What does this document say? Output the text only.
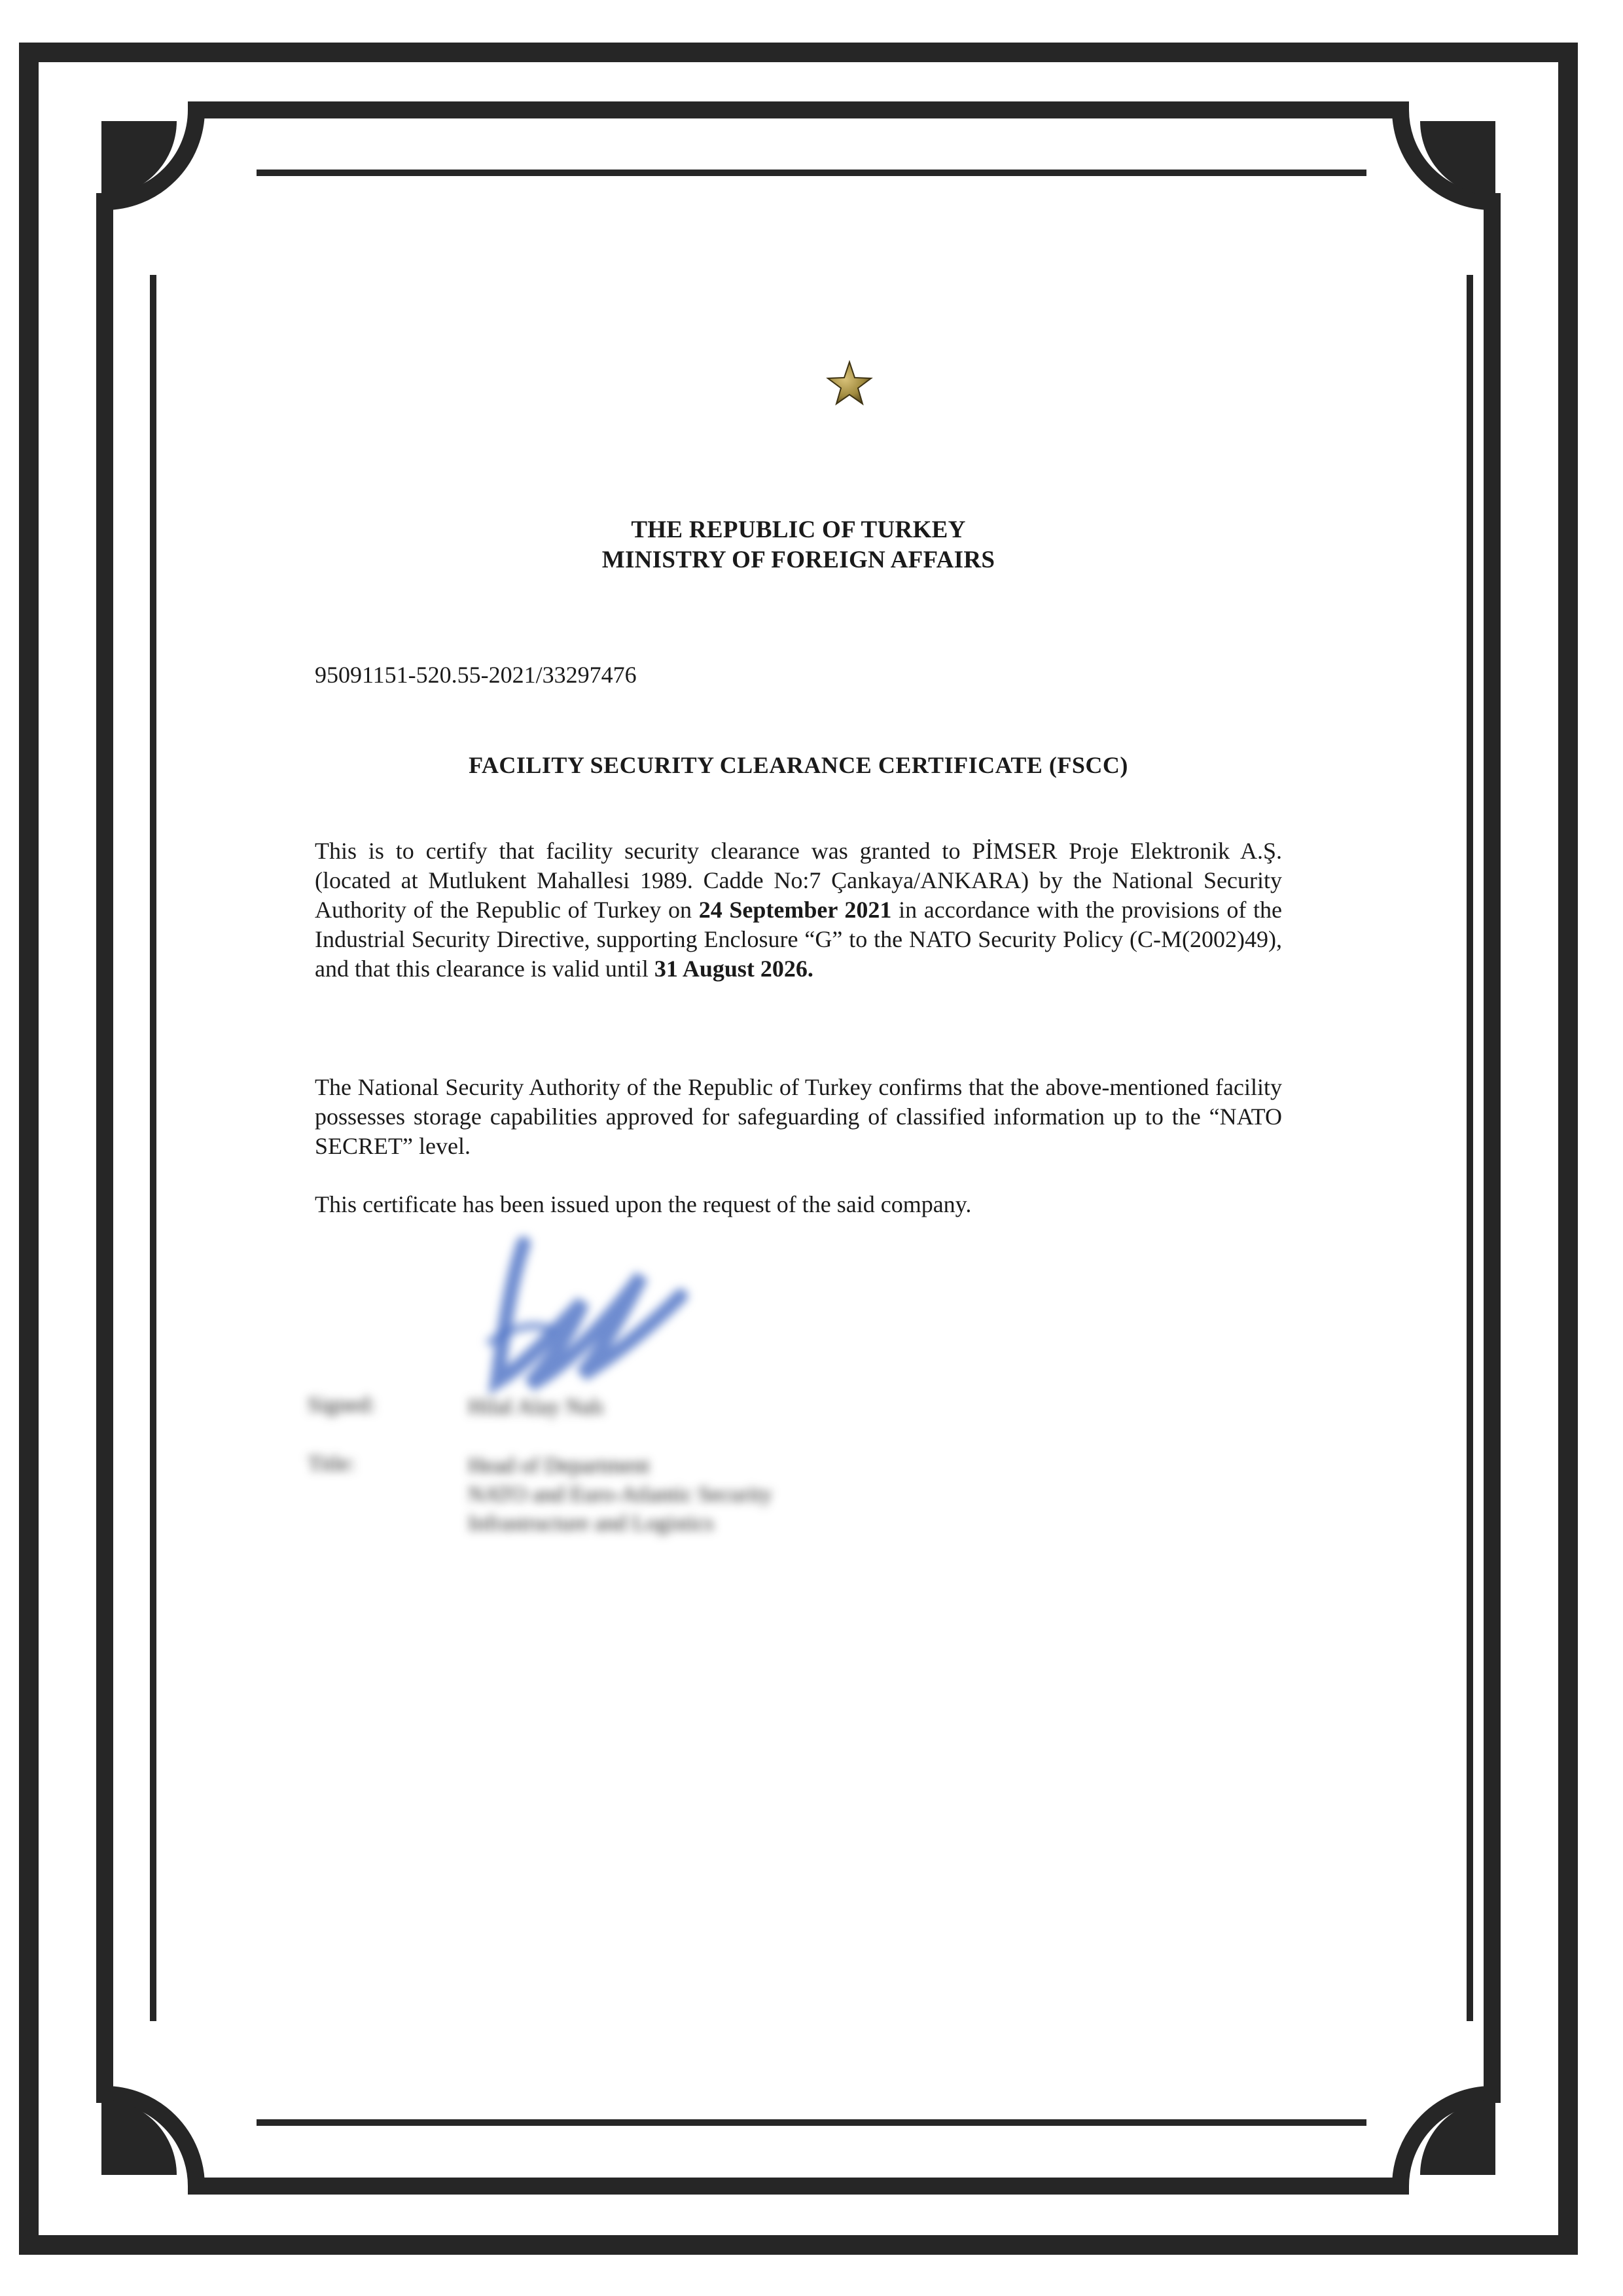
THE REPUBLIC OF TURKEY
MINISTRY OF FOREIGN AFFAIRS
95091151-520.55-2021/33297476
FACILITY SECURITY CLEARANCE CERTIFICATE (FSCC)

This is to certify that facility security clearance was granted to PİMSER Proje Elektronik A.Ş. (located at Mutlukent Mahallesi 1989. Cadde No:7 Çankaya/ANKARA) by the National Security Authority of the Republic of Turkey on 24 September 2021 in accordance with the provisions of the Industrial Security Directive, supporting Enclosure “G” to the NATO Security Policy (C-M(2002)49), and that this clearance is valid until 31 August 2026.

The National Security Authority of the Republic of Turkey confirms that the above-mentioned facility possesses storage capabilities approved for safeguarding of classified information up to the “NATO SECRET” level.

This certificate has been issued upon the request of the said company.

Signed:	Hilal Alay Nalı
Title:	Head of Department
NATO and Euro-Atlantic Security
Infrastructure and Logistics
